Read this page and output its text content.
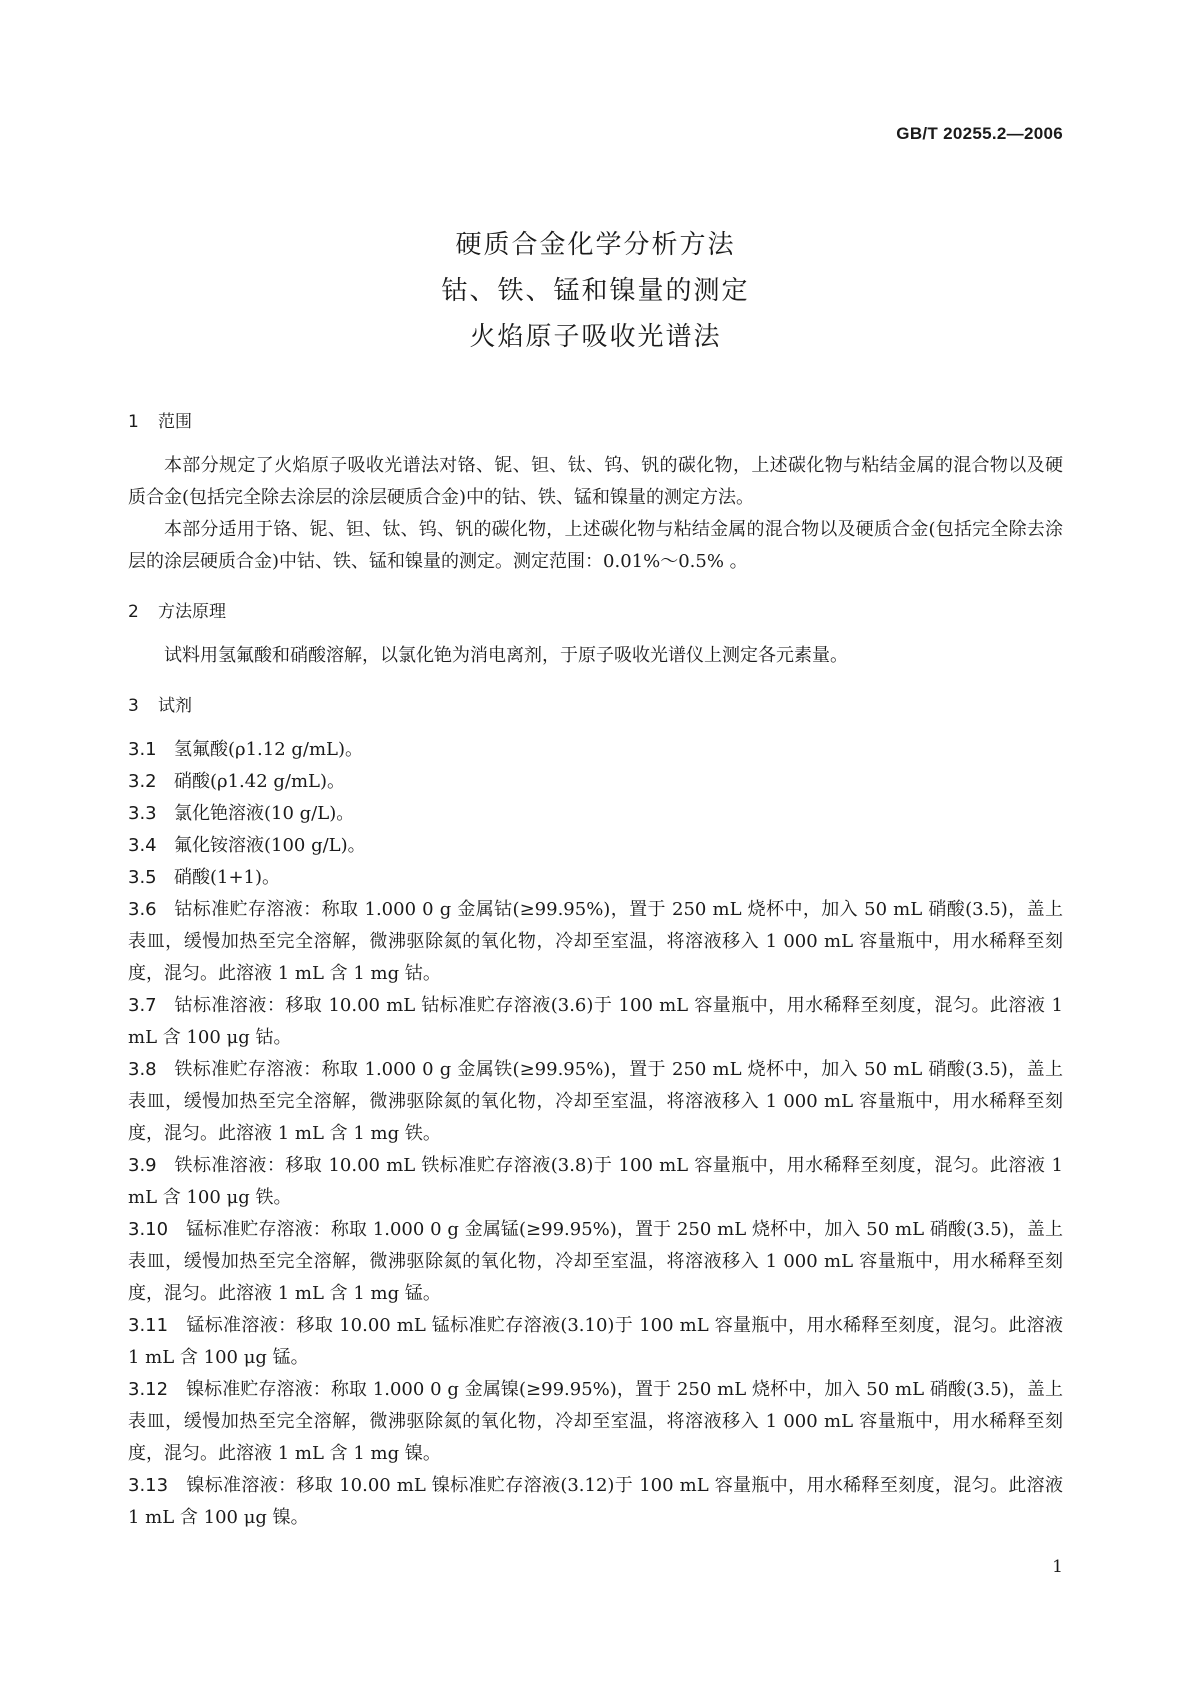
GB/T 20255.2—2006
硬质合金化学分析方法
钴、铁、锰和镍量的测定
火焰原子吸收光谱法
1 范围

本部分规定了火焰原子吸收光谱法对铬、铌、钽、钛、钨、钒的碳化物，上述碳化物与粘结金属的混合物以及硬质合金(包括完全除去涂层的涂层硬质合金)中的钴、铁、锰和镍量的测定方法。

本部分适用于铬、铌、钽、钛、钨、钒的碳化物，上述碳化物与粘结金属的混合物以及硬质合金(包括完全除去涂层的涂层硬质合金)中钴、铁、锰和镍量的测定。测定范围：0.01%～0.5% 。

2 方法原理

试料用氢氟酸和硝酸溶解，以氯化铯为消电离剂，于原子吸收光谱仪上测定各元素量。

3 试剂

3.1 氢氟酸(ρ1.12 g/mL)。

3.2 硝酸(ρ1.42 g/mL)。

3.3 氯化铯溶液(10 g/L)。

3.4 氟化铵溶液(100 g/L)。

3.5 硝酸(1+1)。

3.6 钴标准贮存溶液：称取 1.000 0 g 金属钴(≥99.95%)，置于 250 mL 烧杯中，加入 50 mL 硝酸(3.5)，盖上表皿，缓慢加热至完全溶解，微沸驱除氮的氧化物，冷却至室温，将溶液移入 1 000 mL 容量瓶中，用水稀释至刻度，混匀。此溶液 1 mL 含 1 mg 钴。

3.7 钴标准溶液：移取 10.00 mL 钴标准贮存溶液(3.6)于 100 mL 容量瓶中，用水稀释至刻度，混匀。此溶液 1 mL 含 100 μg 钴。

3.8 铁标准贮存溶液：称取 1.000 0 g 金属铁(≥99.95%)，置于 250 mL 烧杯中，加入 50 mL 硝酸(3.5)，盖上表皿，缓慢加热至完全溶解，微沸驱除氮的氧化物，冷却至室温，将溶液移入 1 000 mL 容量瓶中，用水稀释至刻度，混匀。此溶液 1 mL 含 1 mg 铁。

3.9 铁标准溶液：移取 10.00 mL 铁标准贮存溶液(3.8)于 100 mL 容量瓶中，用水稀释至刻度，混匀。此溶液 1 mL 含 100 μg 铁。

3.10 锰标准贮存溶液：称取 1.000 0 g 金属锰(≥99.95%)，置于 250 mL 烧杯中，加入 50 mL 硝酸(3.5)，盖上表皿，缓慢加热至完全溶解，微沸驱除氮的氧化物，冷却至室温，将溶液移入 1 000 mL 容量瓶中，用水稀释至刻度，混匀。此溶液 1 mL 含 1 mg 锰。

3.11 锰标准溶液：移取 10.00 mL 锰标准贮存溶液(3.10)于 100 mL 容量瓶中，用水稀释至刻度，混匀。此溶液 1 mL 含 100 μg 锰。

3.12 镍标准贮存溶液：称取 1.000 0 g 金属镍(≥99.95%)，置于 250 mL 烧杯中，加入 50 mL 硝酸(3.5)，盖上表皿，缓慢加热至完全溶解，微沸驱除氮的氧化物，冷却至室温，将溶液移入 1 000 mL 容量瓶中，用水稀释至刻度，混匀。此溶液 1 mL 含 1 mg 镍。

3.13 镍标准溶液：移取 10.00 mL 镍标准贮存溶液(3.12)于 100 mL 容量瓶中，用水稀释至刻度，混匀。此溶液 1 mL 含 100 μg 镍。

1
